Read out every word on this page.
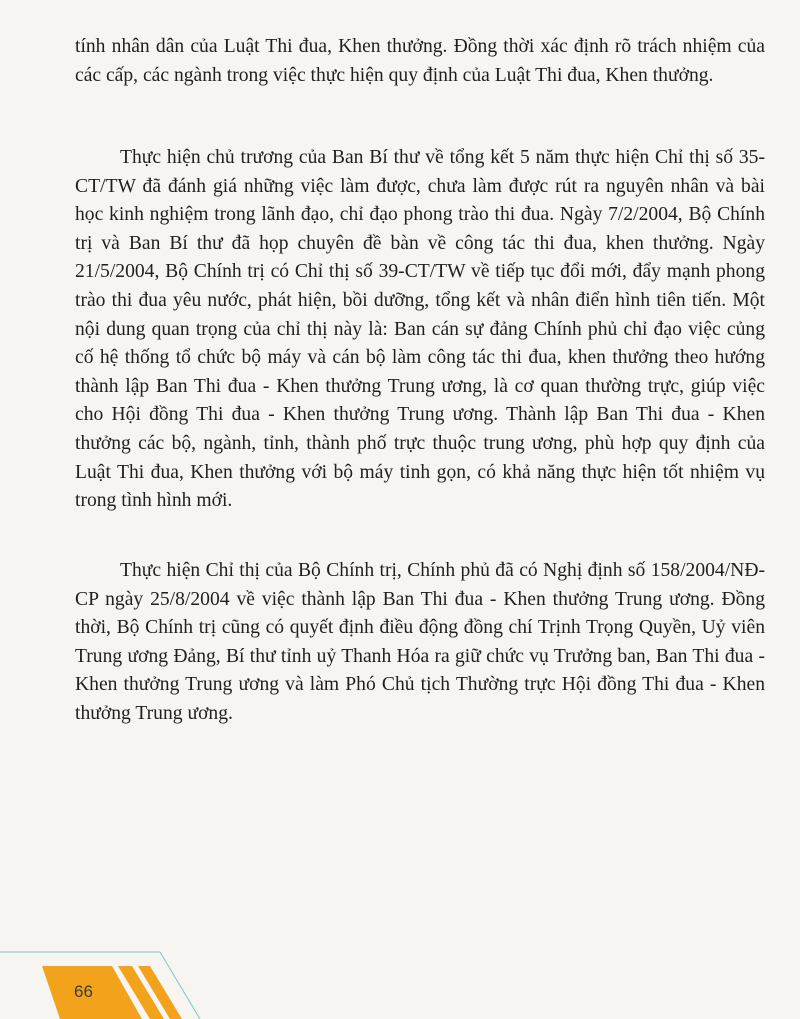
tính nhân dân của Luật Thi đua, Khen thưởng. Đồng thời xác định rõ trách nhiệm của các cấp, các ngành trong việc thực hiện quy định của Luật Thi đua, Khen thưởng.

Thực hiện chủ trương của Ban Bí thư về tổng kết 5 năm thực hiện Chỉ thị số 35-CT/TW đã đánh giá những việc làm được, chưa làm được rút ra nguyên nhân và bài học kinh nghiệm trong lãnh đạo, chỉ đạo phong trào thi đua. Ngày 7/2/2004, Bộ Chính trị và Ban Bí thư đã họp chuyên đề bàn về công tác thi đua, khen thưởng. Ngày 21/5/2004, Bộ Chính trị có Chỉ thị số 39-CT/TW về tiếp tục đổi mới, đẩy mạnh phong trào thi đua yêu nước, phát hiện, bồi dưỡng, tổng kết và nhân điển hình tiên tiến. Một nội dung quan trọng của chỉ thị này là: Ban cán sự đảng Chính phủ chỉ đạo việc củng cố hệ thống tổ chức bộ máy và cán bộ làm công tác thi đua, khen thưởng theo hướng thành lập Ban Thi đua - Khen thưởng Trung ương, là cơ quan thường trực, giúp việc cho Hội đồng Thi đua - Khen thưởng Trung ương. Thành lập Ban Thi đua - Khen thưởng các bộ, ngành, tỉnh, thành phố trực thuộc trung ương, phù hợp quy định của Luật Thi đua, Khen thưởng với bộ máy tinh gọn, có khả năng thực hiện tốt nhiệm vụ trong tình hình mới.

Thực hiện Chỉ thị của Bộ Chính trị, Chính phủ đã có Nghị định số 158/2004/NĐ-CP ngày 25/8/2004 về việc thành lập Ban Thi đua - Khen thưởng Trung ương. Đồng thời, Bộ Chính trị cũng có quyết định điều động đồng chí Trịnh Trọng Quyền, Uỷ viên Trung ương Đảng, Bí thư tỉnh uỷ Thanh Hóa ra giữ chức vụ Trưởng ban, Ban Thi đua - Khen thưởng Trung ương và làm Phó Chủ tịch Thường trực Hội đồng Thi đua - Khen thưởng Trung ương.

66
